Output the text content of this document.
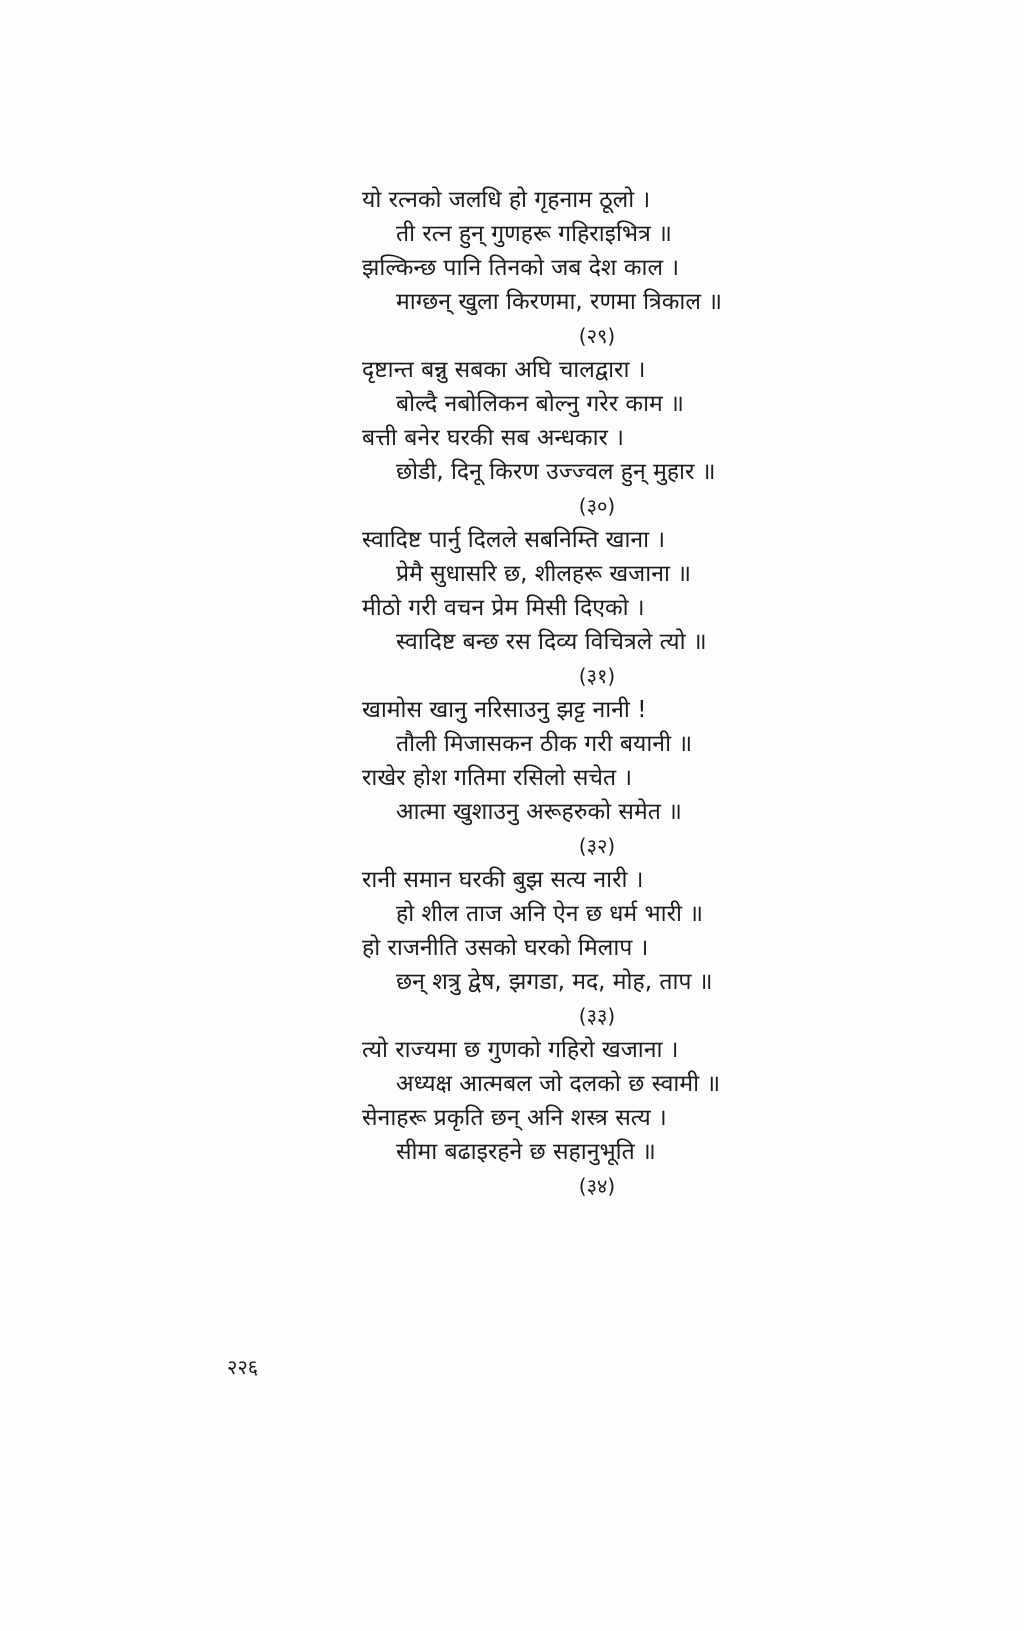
यो रत्नको जलधि हो गृहनाम ठूलो ।
ती रत्न हुन् गुणहरू गहिराइभित्र ॥
झल्किन्छ पानि तिनको जब देश काल ।
माग्छन् खुला किरणमा, रणमा त्रिकाल ॥
(२९)
दृष्टान्त बन्नु सबका अघि चालद्वारा ।
बोल्दै नबोलिकन बोल्नु गरेर काम ॥
बत्ती बनेर घरकी सब अन्धकार ।
छोडी, दिनू किरण उज्ज्वल हुन् मुहार ॥
(३०)
स्वादिष्ट पार्नु दिलले सबनिम्ति खाना ।
प्रेमै सुधासरि छ, शीलहरू खजाना ॥
मीठो गरी वचन प्रेम मिसी दिएको ।
स्वादिष्ट बन्छ रस दिव्य विचित्रले त्यो ॥
(३१)
खामोस खानु नरिसाउनु झट्ट नानी !
तौली मिजासकन ठीक गरी बयानी ॥
राखेर होश गतिमा रसिलो सचेत ।
आत्मा खुशाउनु अरूहरुको समेत ॥
(३२)
रानी समान घरकी बुझ सत्य नारी ।
हो शील ताज अनि ऐन छ धर्म भारी ॥
हो राजनीति उसको घरको मिलाप ।
छन् शत्रु द्वेष, झगडा, मद, मोह, ताप ॥
(३३)
त्यो राज्यमा छ गुणको गहिरो खजाना ।
अध्यक्ष आत्मबल जो दलको छ स्वामी ॥
सेनाहरू प्रकृति छन् अनि शस्त्र सत्य ।
सीमा बढाइरहने छ सहानुभूति ॥
(३४)
२२६
